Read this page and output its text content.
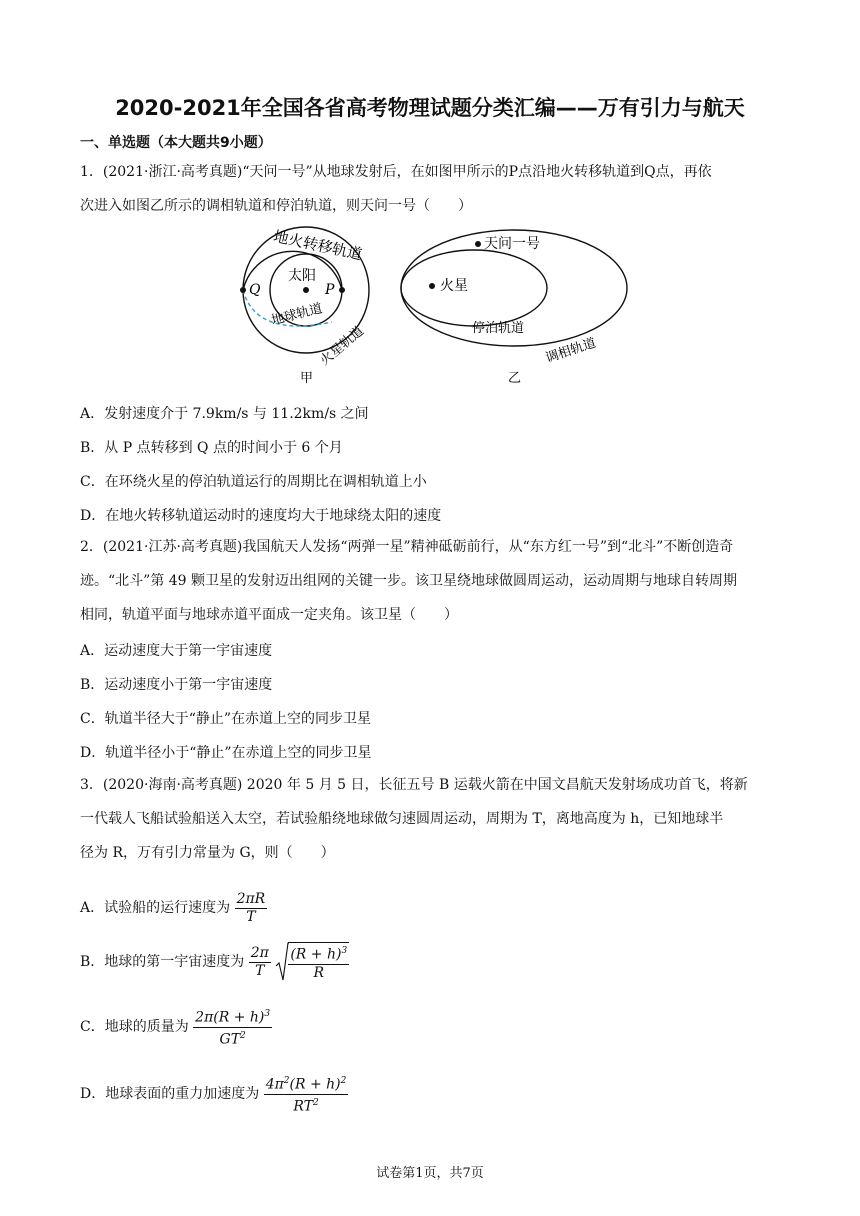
2020-2021年全国各省高考物理试题分类汇编——万有引力与航天
一、单选题（本大题共9小题）
1．(2021·浙江·高考真题)“天问一号”从地球发射后，在如图甲所示的P点沿地火转移轨道到Q点，再依
次进入如图乙所示的调相轨道和停泊轨道，则天问一号（　　）
地火转移轨道
太阳
Q	P
地球轨道
火星轨道
甲
天问一号
火星
停泊轨道
调相轨道
乙
A．发射速度介于 7.9km/s 与 11.2km/s 之间
B．从 P 点转移到 Q 点的时间小于 6 个月
C．在环绕火星的停泊轨道运行的周期比在调相轨道上小
D．在地火转移轨道运动时的速度均大于地球绕太阳的速度
2．(2021·江苏·高考真题)我国航天人发扬“两弹一星”精神砥砺前行，从“东方红一号”到“北斗”不断创造奇
迹。“北斗”第 49 颗卫星的发射迈出组网的关键一步。该卫星绕地球做圆周运动，运动周期与地球自转周期
相同，轨道平面与地球赤道平面成一定夹角。该卫星（　　）
A．运动速度大于第一宇宙速度
B．运动速度小于第一宇宙速度
C．轨道半径大于“静止”在赤道上空的同步卫星
D．轨道半径小于“静止”在赤道上空的同步卫星
3．(2020·海南·高考真题) 2020 年 5 月 5 日，长征五号 B 运载火箭在中国文昌航天发射场成功首飞，将新
一代载人飞船试验船送入太空，若试验船绕地球做匀速圆周运动，周期为 T，离地高度为 h，已知地球半
径为 R，万有引力常量为 G，则（　　）
A．试验船的运行速度为 $\frac{2\pi R}{T}$
B．地球的第一宇宙速度为 $\frac{2\pi}{T}$
$\frac{(R + h)^3}{R}$
C．地球的质量为 $\frac{2\pi(R + h)^3}{GT^2}$
D．地球表面的重力加速度为 $\frac{4\pi^2(R + h)^2}{RT^2}$
试卷第1页，共7页
